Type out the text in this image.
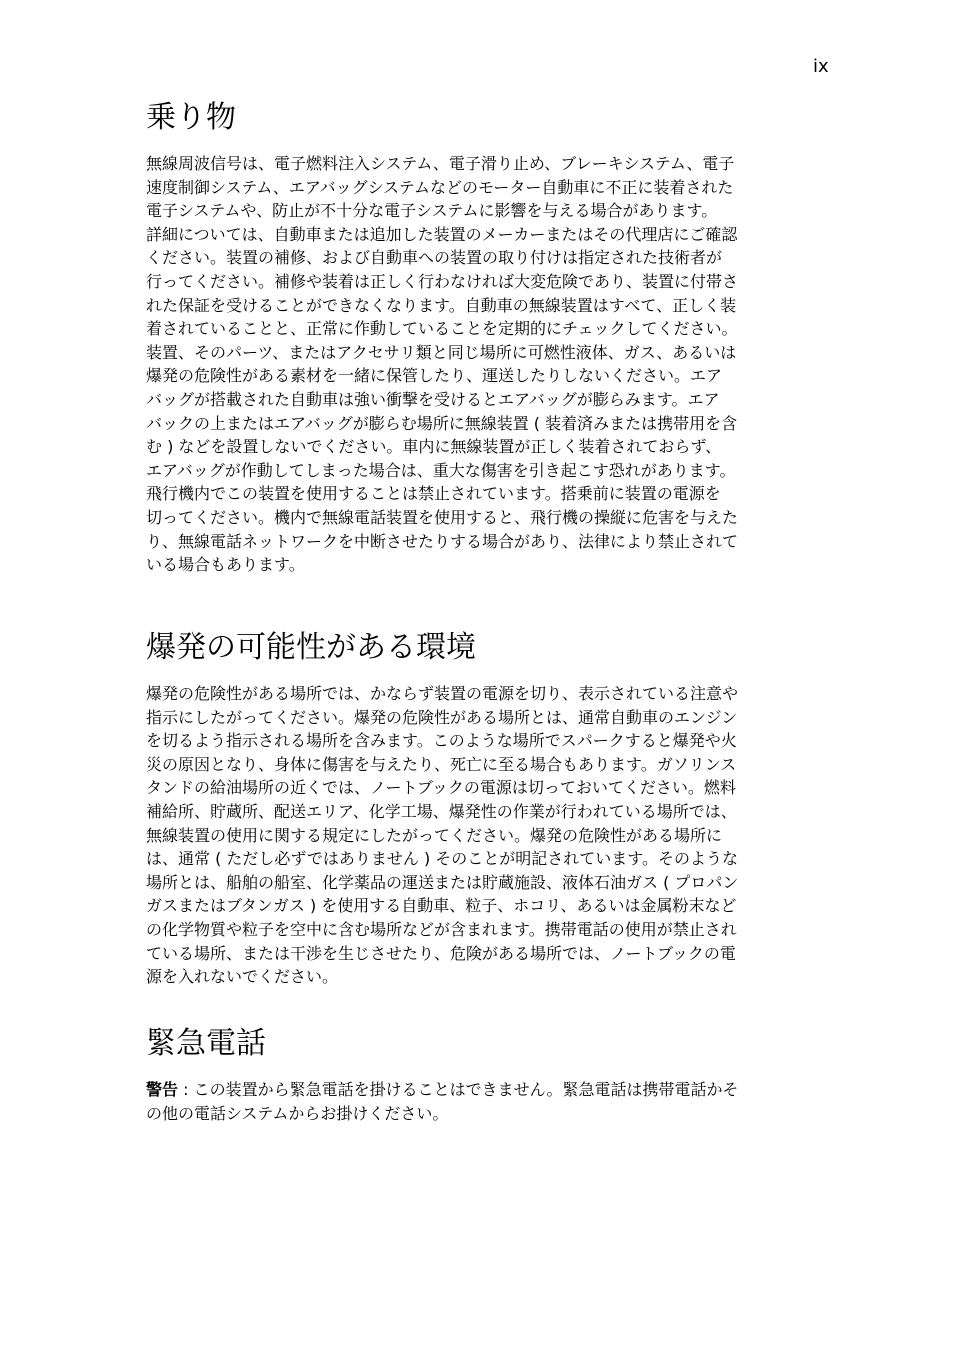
ix
乗り物
無線周波信号は、電子燃料注入システム、電子滑り止め、ブレーキシステム、電子
速度制御システム、エアバッグシステムなどのモーター自動車に不正に装着された
電子システムや、防止が不十分な電子システムに影響を与える場合があります。
詳細については、自動車または追加した装置のメーカーまたはその代理店にご確認
ください。装置の補修、および自動車への装置の取り付けは指定された技術者が
行ってください。補修や装着は正しく行わなければ大変危険であり、装置に付帯さ
れた保証を受けることができなくなります。自動車の無線装置はすべて、正しく装
着されていることと、正常に作動していることを定期的にチェックしてください。
装置、そのパーツ、またはアクセサリ類と同じ場所に可燃性液体、ガス、あるいは
爆発の危険性がある素材を一緒に保管したり、運送したりしないください。エア
バッグが搭載された自動車は強い衝撃を受けるとエアバッグが膨らみます。エア
バックの上またはエアバッグが膨らむ場所に無線装置 ( 装着済みまたは携帯用を含
む ) などを設置しないでください。車内に無線装置が正しく装着されておらず、
エアバッグが作動してしまった場合は、重大な傷害を引き起こす恐れがあります。
飛行機内でこの装置を使用することは禁止されています。搭乗前に装置の電源を
切ってください。機内で無線電話装置を使用すると、飛行機の操縦に危害を与えた
り、無線電話ネットワークを中断させたりする場合があり、法律により禁止されて
いる場合もあります。
爆発の可能性がある環境
爆発の危険性がある場所では、かならず装置の電源を切り、表示されている注意や
指示にしたがってください。爆発の危険性がある場所とは、通常自動車のエンジン
を切るよう指示される場所を含みます。このような場所でスパークすると爆発や火
災の原因となり、身体に傷害を与えたり、死亡に至る場合もあります。ガソリンス
タンドの給油場所の近くでは、ノートブックの電源は切っておいてください。燃料
補給所、貯蔵所、配送エリア、化学工場、爆発性の作業が行われている場所では、
無線装置の使用に関する規定にしたがってください。爆発の危険性がある場所に
は、通常 ( ただし必ずではありません ) そのことが明記されています。そのような
場所とは、船舶の船室、化学薬品の運送または貯蔵施設、液体石油ガス ( プロパン
ガスまたはブタンガス ) を使用する自動車、粒子、ホコリ、あるいは金属粉末など
の化学物質や粒子を空中に含む場所などが含まれます。携帯電話の使用が禁止され
ている場所、または干渉を生じさせたり、危険がある場所では、ノートブックの電
源を入れないでください。
緊急電話
警告 : この装置から緊急電話を掛けることはできません。緊急電話は携帯電話かそ
の他の電話システムからお掛けください。
